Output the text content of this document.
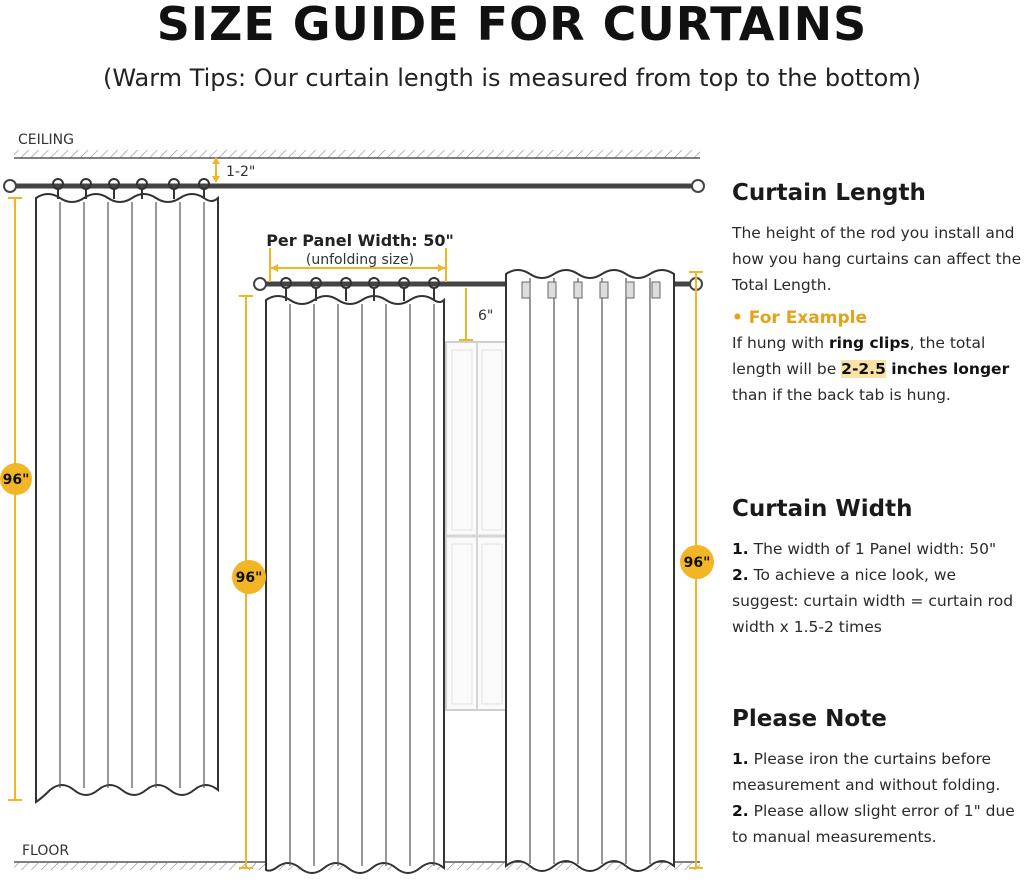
SIZE GUIDE FOR CURTAINS
(Warm Tips: Our curtain length is measured from top to the bottom)
CEILING
FLOOR
1-2"
96"
Per Panel Width: 50"
(unfolding size)
96"
6"
96"

Curtain Length

The height of the rod you install and how you hang curtains can affect the Total Length.

• For Example

If hung with ring clips, the total length will be 2-2.5 inches longer than if the back tab is hung.

Curtain Width

1. The width of 1 Panel width: 50"

2. To achieve a nice look, we suggest: curtain width = curtain rod width x 1.5-2 times

Please Note

1. Please iron the curtains before measurement and without folding.

2. Please allow slight error of 1" due to manual measurements.
